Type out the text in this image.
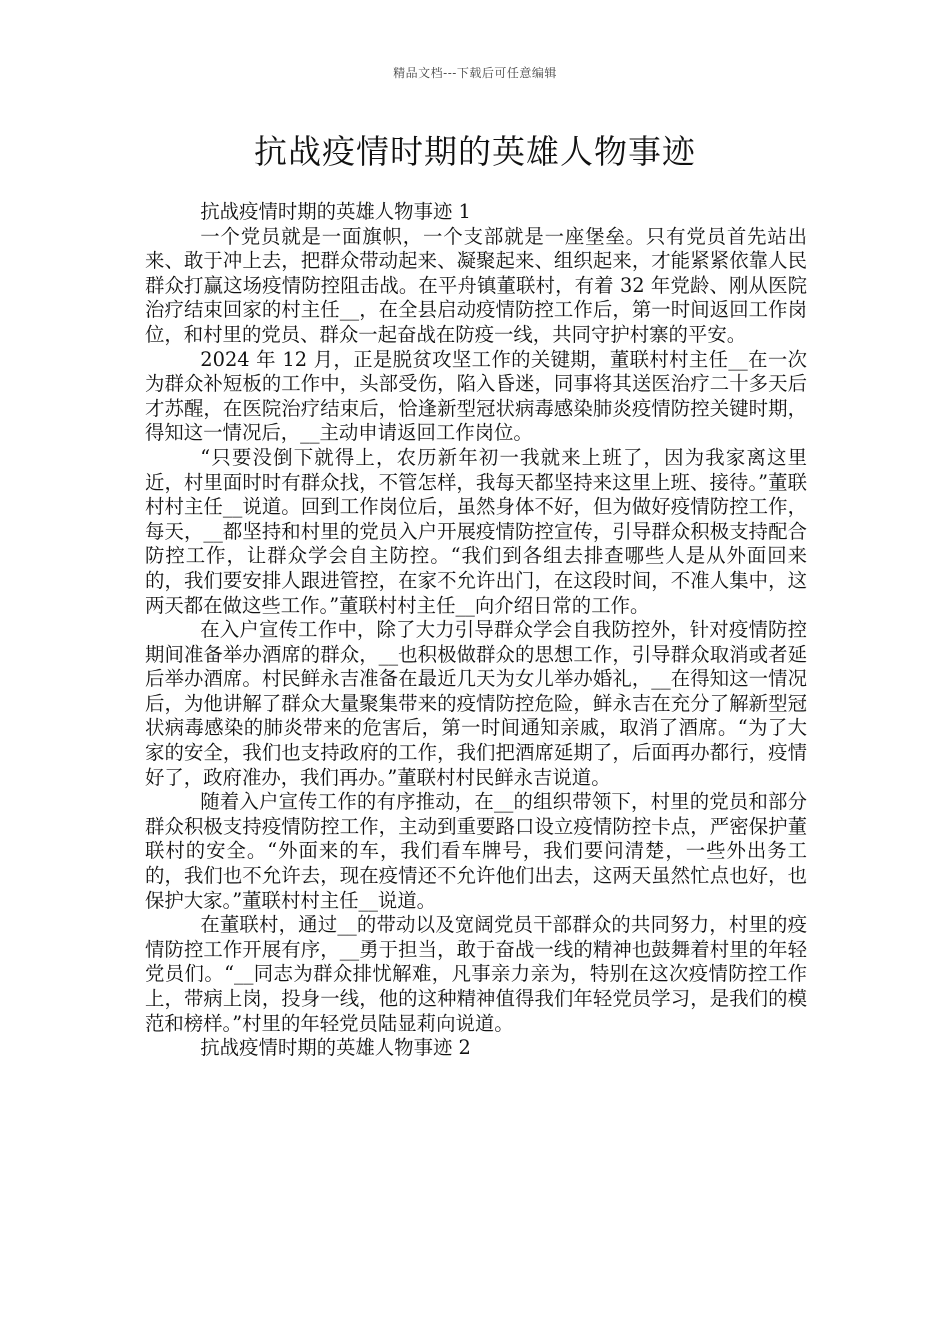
精品文档---下载后可任意编辑
抗战疫情时期的英雄人物事迹

抗战疫情时期的英雄人物事迹 1

一个党员就是一面旗帜，一个支部就是一座堡垒。只有党员首先站出来、敢于冲上去，把群众带动起来、凝聚起来、组织起来，才能紧紧依靠人民群众打赢这场疫情防控阻击战。在平舟镇董联村，有着 32 年党龄、刚从医院治疗结束回家的村主任__，在全县启动疫情防控工作后，第一时间返回工作岗位，和村里的党员、群众一起奋战在防疫一线，共同守护村寨的平安。

2024 年 12 月，正是脱贫攻坚工作的关键期，董联村村主任__在一次为群众补短板的工作中，头部受伤，陷入昏迷，同事将其送医治疗二十多天后才苏醒，在医院治疗结束后，恰逢新型冠状病毒感染肺炎疫情防控关键时期，得知这一情况后，__主动申请返回工作岗位。

“只要没倒下就得上，农历新年初一我就来上班了，因为我家离这里近，村里面时时有群众找，不管怎样，我每天都坚持来这里上班、接待。”董联村村主任__说道。回到工作岗位后，虽然身体不好，但为做好疫情防控工作，每天，__都坚持和村里的党员入户开展疫情防控宣传，引导群众积极支持配合防控工作，让群众学会自主防控。“我们到各组去排查哪些人是从外面回来的，我们要安排人跟进管控，在家不允许出门，在这段时间，不准人集中，这两天都在做这些工作。”董联村村主任__向介绍日常的工作。

在入户宣传工作中，除了大力引导群众学会自我防控外，针对疫情防控期间准备举办酒席的群众，__也积极做群众的思想工作，引导群众取消或者延后举办酒席。村民鲜永吉准备在最近几天为女儿举办婚礼，__在得知这一情况后，为他讲解了群众大量聚集带来的疫情防控危险，鲜永吉在充分了解新型冠状病毒感染的肺炎带来的危害后，第一时间通知亲戚，取消了酒席。“为了大家的安全，我们也支持政府的工作，我们把酒席延期了，后面再办都行，疫情好了，政府准办，我们再办。”董联村村民鲜永吉说道。

随着入户宣传工作的有序推动，在__的组织带领下，村里的党员和部分群众积极支持疫情防控工作，主动到重要路口设立疫情防控卡点，严密保护董联村的安全。“外面来的车，我们看车牌号，我们要问清楚，一些外出务工的，我们也不允许去，现在疫情还不允许他们出去，这两天虽然忙点也好，也保护大家。”董联村村主任__说道。

在董联村，通过__的带动以及宽阔党员干部群众的共同努力，村里的疫情防控工作开展有序，__勇于担当，敢于奋战一线的精神也鼓舞着村里的年轻党员们。“__同志为群众排忧解难，凡事亲力亲为，特别在这次疫情防控工作上，带病上岗，投身一线，他的这种精神值得我们年轻党员学习，是我们的模范和榜样。”村里的年轻党员陆显莉向说道。

抗战疫情时期的英雄人物事迹 2
